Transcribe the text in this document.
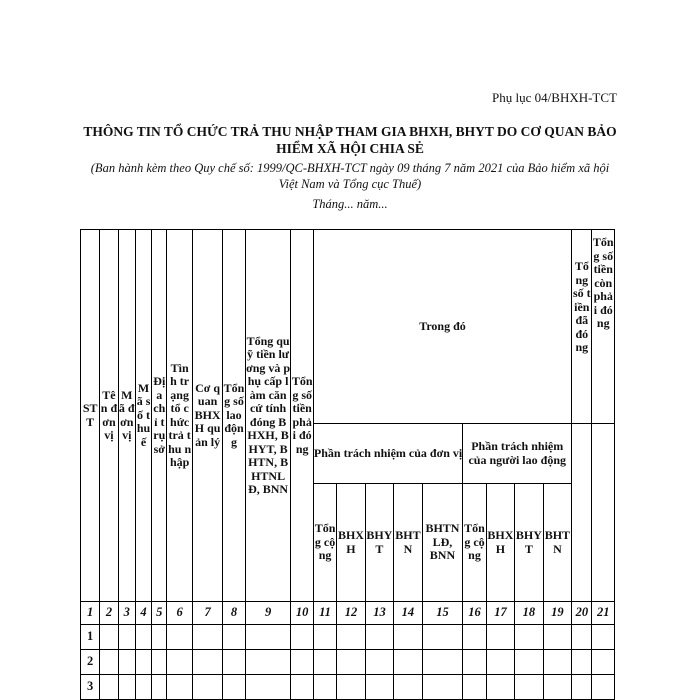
Phụ lục 04/BHXH-TCT
THÔNG TIN TỔ CHỨC TRẢ THU NHẬP THAM GIA BHXH, BHYT DO CƠ QUAN BẢO HIỂM XÃ HỘI CHIA SẺ
(Ban hành kèm theo Quy chế số: 1999/QC-BHXH-TCT ngày 09 tháng 7 năm 2021 của Bảo hiểm xã hội Việt Nam và Tổng cục Thuế)
Tháng... năm...
STT	Tên đơn vị	Mã đơn vị	Mã số thuế	Địa chỉ trụ sở	Tình trạng tổ chức trả thu nhập	Cơ quan BHXH quản lý	Tổng số lao động	Tổng quỹ tiền lương và phụ cấp làm căn cứ tính đóng BHXH, BHYT, BHTN, BHTNLĐ, BNN	Tổng số tiền phải đóng	Trong đó									Tổng số tiền đã đóng	Tổng số tiền còn phải đóng
										Phần trách nhiệm của đơn vị					Phần trách nhiệm của người lao động					
										Tổng cộng	BHXH	BHYT	BHTN	BHTN LĐ, BNN	Tổng cộng	BHXH	BHYT	BHTN		
1	2	3	4	5	6	7	8	9	10	11	12	13	14	15	16	17	18	19	20	21
1																				
2																				
3																				
